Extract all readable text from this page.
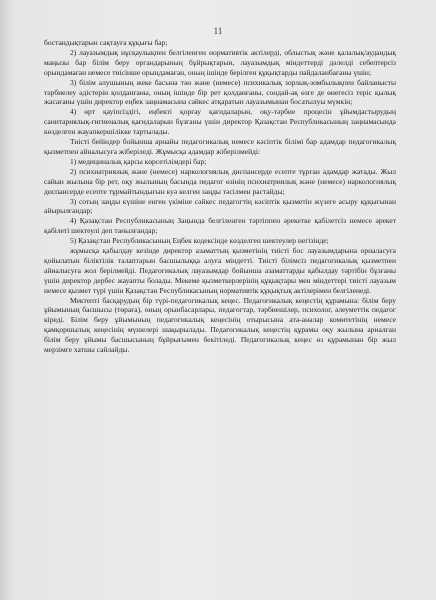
11

бостандықтарын сақтауға құқығы бар;

2) лауазымдық нұсқаулықпен белгіленген нормативтік актілерді, облыстық және қалалық/аудандық маңызы бар білім беру органдарының бұйрықтарын, лауазымдық міндеттерді дәлелді себептерсіз орындамаған немесе тиісінше орындамаған, оның ішінде берілген құқықтарды пайдаланбағаны үшін;

3) білім алушының жеке басына тән және (немесе) психикалық зорлық-зомбылықпен байланысты тәрбиелеу әдістерін қолданғаны, оның ішінде бір рет қолданғаны, сондай-ақ өзге де өнегесіз теріс қылық жасағаны үшін директор еңбек заңнамасына сәйкес атқаратын лауазымынан босатылуы мүмкін;

4) өрт қауіпсіздігі, еңбекті қорғау қағидаларын, оқу-тәрбие процесін ұйымдастырудың санитариялық-гигиеналық қағидаларын бұзғаны үшін директор Қазақстан Республикасының заңнамасында көзделген жауапкершілікке тартылады.

Тиісті бейіндер бойынша арнайы педагогикалық немесе кәсіптік білімі бар адамдар педагогикалық қызметпен айналысуға жіберіледі. Жұмысқа адамдар жіберілмейді:

1) медициналық қарсы көрсетілімдері бар;

2) психиатриялық және (немесе) наркологиялық диспансерде есепте тұрған адамдар жатады. Жыл сайын жылына бір рет, оқу жылының басында педагог өзінің психиатриялық және (немесе) наркологиялық диспансерде есепте тұрмайтындығын куә келген заңды тәсілмен растайды;

3) сотың заңды күшіне енген үкіміне сәйкес педагогтің кәсіптік қызметін жүзеге асыру құқығынан айырылғандар;

4) Қазақстан Республикасының Заңында белгіленген тәртіппен әрекетке қабілетсіз немесе әрекет қабілеті шектеулі деп танылғандар;

5) Қазақстан Республикасының Еңбек кодексінде көзделген шектеулер негізінде;

жұмысқа қабылдау кезінде директор азаматтың қызметінің тиісті бос лауазымдарына орналасуға қойылатын біліктілік талаптарын басшылыққа алуға міндетті. Тиісті білімсіз педагогикалық қызметпен айналысуға жол берілмейді. Педагогикалық лауазымдар бойынша азаматтарды қабылдау тәртібін бұзғаны үшін директор дербес жауапты болады. Мекеме қызметкерлерінің құқықтары мен міндеттері тиісті лауазым немесе қызмет түрі үшін Қазақстан Республикасының нормативтік құқықтық актілерімен белгіленеді.

Мектепті басқарудың бір түрі-педагогикалық кеңес. Педагогикалық кеңестің құрамына: білім беру ұйымының басшысы (төраға), оның орынбасарлары, педагогтар, тәрбиешілер, психолог, әлеуметтік педагог кіреді. Білім беру ұйымының педагогикалық кеңесінің отырысына ата-аналар комитетінің немесе қамқоршылық кеңесінің мүшелері шақырылады. Педагогикалық кеңестің құрамы оқу жылына арналған білім беру ұйымы басшысының бұйрығымен бекітіледі. Педагогикалық кеңес өз құрамынан бір жыл мерзімге хатшы сайлайды.
